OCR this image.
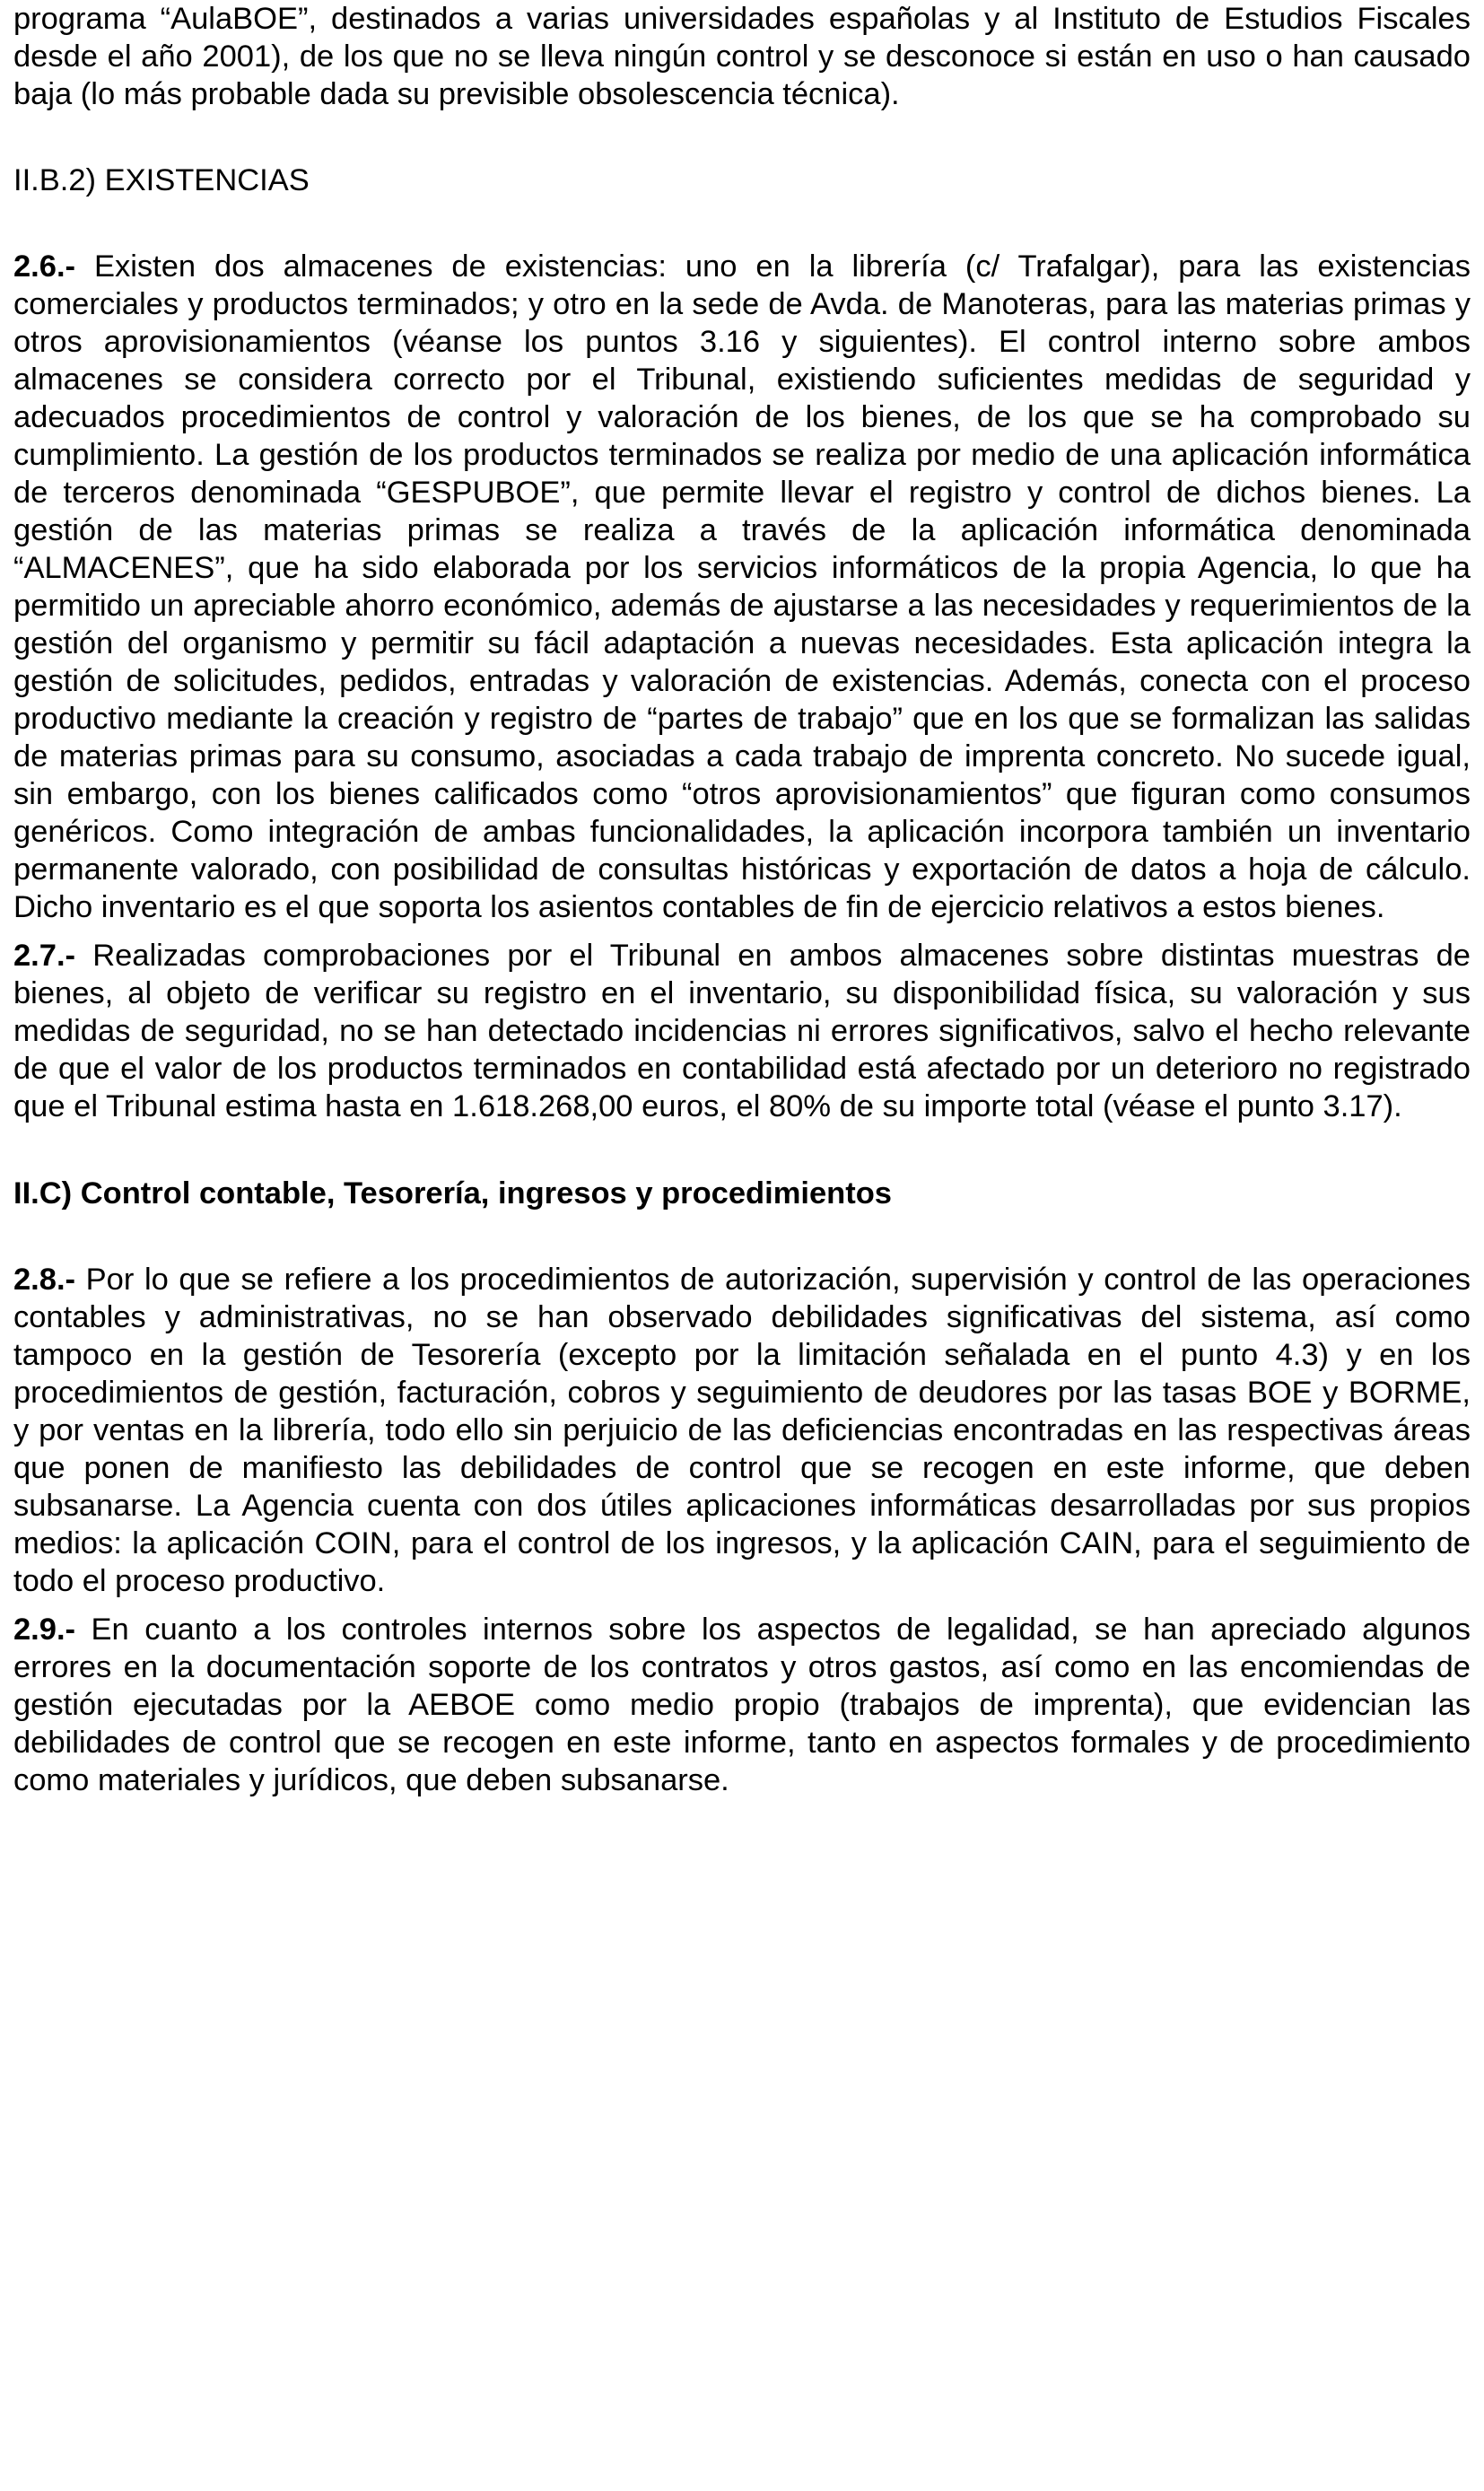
programa “AulaBOE”, destinados a varias universidades españolas y al Instituto de Estudios Fiscales desde el año 2001), de los que no se lleva ningún control y se desconoce si están en uso o han causado baja (lo más probable dada su previsible obsolescencia técnica).

II.B.2) EXISTENCIAS

2.6.- Existen dos almacenes de existencias: uno en la librería (c/ Trafalgar), para las existencias comerciales y productos terminados; y otro en la sede de Avda. de Manoteras, para las materias primas y otros aprovisionamientos (véanse los puntos 3.16 y siguientes). El control interno sobre ambos almacenes se considera correcto por el Tribunal, existiendo suficientes medidas de seguridad y adecuados procedimientos de control y valoración de los bienes, de los que se ha comprobado su cumplimiento. La gestión de los productos terminados se realiza por medio de una aplicación informática de terceros denominada “GESPUBOE”, que permite llevar el registro y control de dichos bienes. La gestión de las materias primas se realiza a través de la aplicación informática denominada “ALMACENES”, que ha sido elaborada por los servicios informáticos de la propia Agencia, lo que ha permitido un apreciable ahorro económico, además de ajustarse a las necesidades y requerimientos de la gestión del organismo y permitir su fácil adaptación a nuevas necesidades. Esta aplicación integra la gestión de solicitudes, pedidos, entradas y valoración de existencias. Además, conecta con el proceso productivo mediante la creación y registro de “partes de trabajo” que en los que se formalizan las salidas de materias primas para su consumo, asociadas a cada trabajo de imprenta concreto. No sucede igual, sin embargo, con los bienes calificados como “otros aprovisionamientos” que figuran como consumos genéricos. Como integración de ambas funcionalidades, la aplicación incorpora también un inventario permanente valorado, con posibilidad de consultas históricas y exportación de datos a hoja de cálculo. Dicho inventario es el que soporta los asientos contables de fin de ejercicio relativos a estos bienes.

2.7.- Realizadas comprobaciones por el Tribunal en ambos almacenes sobre distintas muestras de bienes, al objeto de verificar su registro en el inventario, su disponibilidad física, su valoración y sus medidas de seguridad, no se han detectado incidencias ni errores significativos, salvo el hecho relevante de que el valor de los productos terminados en contabilidad está afectado por un deterioro no registrado que el Tribunal estima hasta en 1.618.268,00 euros, el 80% de su importe total (véase el punto 3.17).

II.C) Control contable, Tesorería, ingresos y procedimientos

2.8.- Por lo que se refiere a los procedimientos de autorización, supervisión y control de las operaciones contables y administrativas, no se han observado debilidades significativas del sistema, así como tampoco en la gestión de Tesorería (excepto por la limitación señalada en el punto 4.3) y en los procedimientos de gestión, facturación, cobros y seguimiento de deudores por las tasas BOE y BORME, y por ventas en la librería, todo ello sin perjuicio de las deficiencias encontradas en las respectivas áreas que ponen de manifiesto las debilidades de control que se recogen en este informe, que deben subsanarse. La Agencia cuenta con dos útiles aplicaciones informáticas desarrolladas por sus propios medios: la aplicación COIN, para el control de los ingresos, y la aplicación CAIN, para el seguimiento de todo el proceso productivo.

2.9.- En cuanto a los controles internos sobre los aspectos de legalidad, se han apreciado algunos errores en la documentación soporte de los contratos y otros gastos, así como en las encomiendas de gestión ejecutadas por la AEBOE como medio propio (trabajos de imprenta), que evidencian las debilidades de control que se recogen en este informe, tanto en aspectos formales y de procedimiento como materiales y jurídicos, que deben subsanarse.
